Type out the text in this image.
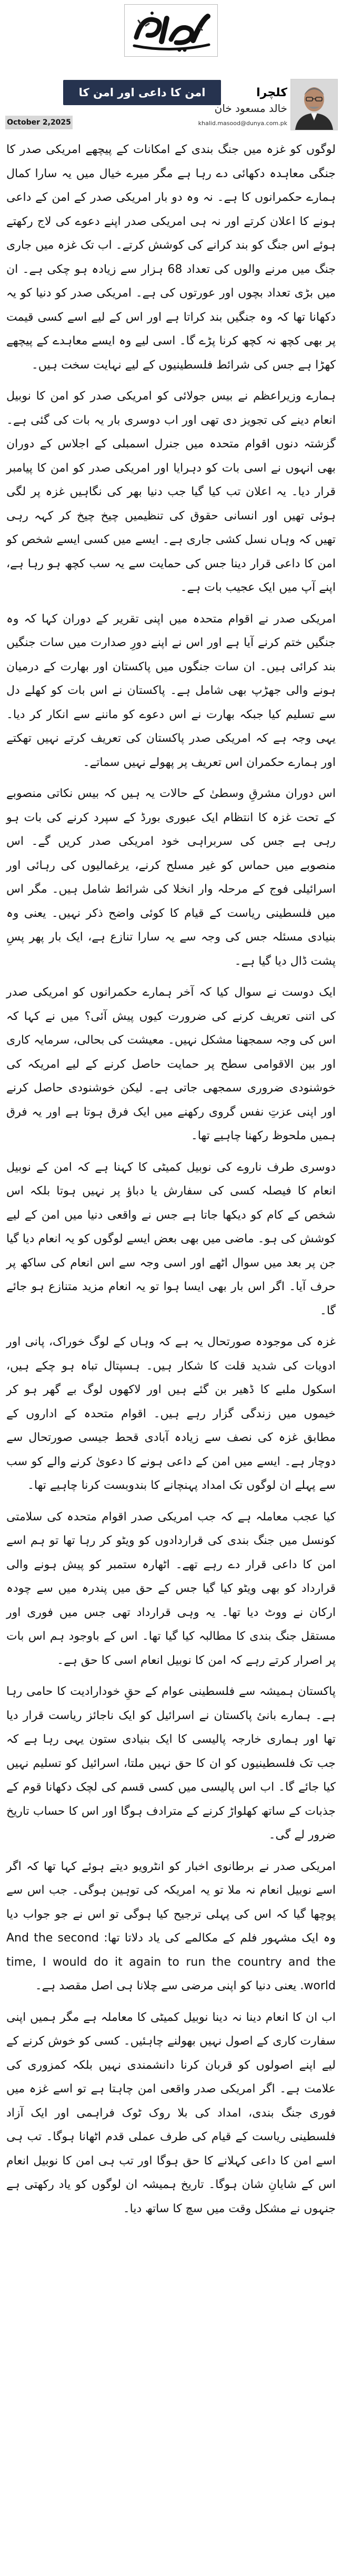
امن کا داعی اور امن کا نوبیل انعام
October 2,2025
کلچرا
خالد مسعود خان
khalid.masood@dunya.com.pk

لوگوں کو غزہ میں جنگ بندی کے امکانات کے پیچھے امریکی صدر کا جنگی معاہدہ دکھائی دے رہا ہے مگر میرے خیال میں یہ سارا کمال ہمارے حکمرانوں کا ہے۔ نہ وہ دو بار امریکی صدر کے امن کے داعی ہونے کا اعلان کرتے اور نہ ہی امریکی صدر اپنے دعوے کی لاج رکھتے ہوئے اس جنگ کو بند کرانے کی کوشش کرتے۔ اب تک غزہ میں جاری جنگ میں مرنے والوں کی تعداد 68 ہزار سے زیادہ ہو چکی ہے۔ ان میں بڑی تعداد بچوں اور عورتوں کی ہے۔ امریکی صدر کو دنیا کو یہ دکھانا تھا کہ وہ جنگیں بند کراتا ہے اور اس کے لیے اسے کسی قیمت پر بھی کچھ نہ کچھ کرنا پڑے گا۔ اسی لیے وہ ایسے معاہدے کے پیچھے کھڑا ہے جس کی شرائط فلسطینیوں کے لیے نہایت سخت ہیں۔

ہمارے وزیراعظم نے بیس جولائی کو امریکی صدر کو امن کا نوبیل انعام دینے کی تجویز دی تھی اور اب دوسری بار یہ بات کی گئی ہے۔ گزشتہ دنوں اقوام متحدہ میں جنرل اسمبلی کے اجلاس کے دوران بھی انہوں نے اسی بات کو دہرایا اور امریکی صدر کو امن کا پیامبر قرار دیا۔ یہ اعلان تب کیا گیا جب دنیا بھر کی نگاہیں غزہ پر لگی ہوئی تھیں اور انسانی حقوق کی تنظیمیں چیخ چیخ کر کہہ رہی تھیں کہ وہاں نسل کشی جاری ہے۔ ایسے میں کسی ایسے شخص کو امن کا داعی قرار دینا جس کی حمایت سے یہ سب کچھ ہو رہا ہے، اپنے آپ میں ایک عجیب بات ہے۔

امریکی صدر نے اقوام متحدہ میں اپنی تقریر کے دوران کہا کہ وہ جنگیں ختم کرنے آیا ہے اور اس نے اپنے دورِ صدارت میں سات جنگیں بند کرائی ہیں۔ ان سات جنگوں میں پاکستان اور بھارت کے درمیان ہونے والی جھڑپ بھی شامل ہے۔ پاکستان نے اس بات کو کھلے دل سے تسلیم کیا جبکہ بھارت نے اس دعوے کو ماننے سے انکار کر دیا۔ یہی وجہ ہے کہ امریکی صدر پاکستان کی تعریف کرتے نہیں تھکتے اور ہمارے حکمران اس تعریف پر پھولے نہیں سماتے۔

اس دوران مشرقِ وسطیٰ کے حالات یہ ہیں کہ بیس نکاتی منصوبے کے تحت غزہ کا انتظام ایک عبوری بورڈ کے سپرد کرنے کی بات ہو رہی ہے جس کی سربراہی خود امریکی صدر کریں گے۔ اس منصوبے میں حماس کو غیر مسلح کرنے، یرغمالیوں کی رہائی اور اسرائیلی فوج کے مرحلہ وار انخلا کی شرائط شامل ہیں۔ مگر اس میں فلسطینی ریاست کے قیام کا کوئی واضح ذکر نہیں۔ یعنی وہ بنیادی مسئلہ جس کی وجہ سے یہ سارا تنازع ہے، ایک بار پھر پسِ پشت ڈال دیا گیا ہے۔

ایک دوست نے سوال کیا کہ آخر ہمارے حکمرانوں کو امریکی صدر کی اتنی تعریف کرنے کی ضرورت کیوں پیش آئی؟ میں نے کہا کہ اس کی وجہ سمجھنا مشکل نہیں۔ معیشت کی بحالی، سرمایہ کاری اور بین الاقوامی سطح پر حمایت حاصل کرنے کے لیے امریکہ کی خوشنودی ضروری سمجھی جاتی ہے۔ لیکن خوشنودی حاصل کرنے اور اپنی عزتِ نفس گروی رکھنے میں ایک فرق ہوتا ہے اور یہ فرق ہمیں ملحوظ رکھنا چاہیے تھا۔

دوسری طرف ناروے کی نوبیل کمیٹی کا کہنا ہے کہ امن کے نوبیل انعام کا فیصلہ کسی کی سفارش یا دباؤ پر نہیں ہوتا بلکہ اس شخص کے کام کو دیکھا جاتا ہے جس نے واقعی دنیا میں امن کے لیے کوشش کی ہو۔ ماضی میں بھی بعض ایسے لوگوں کو یہ انعام دیا گیا جن پر بعد میں سوال اٹھے اور اسی وجہ سے اس انعام کی ساکھ پر حرف آیا۔ اگر اس بار بھی ایسا ہوا تو یہ انعام مزید متنازع ہو جائے گا۔

غزہ کی موجودہ صورتحال یہ ہے کہ وہاں کے لوگ خوراک، پانی اور ادویات کی شدید قلت کا شکار ہیں۔ ہسپتال تباہ ہو چکے ہیں، اسکول ملبے کا ڈھیر بن گئے ہیں اور لاکھوں لوگ بے گھر ہو کر خیموں میں زندگی گزار رہے ہیں۔ اقوام متحدہ کے اداروں کے مطابق غزہ کی نصف سے زیادہ آبادی قحط جیسی صورتحال سے دوچار ہے۔ ایسے میں امن کے داعی ہونے کا دعویٰ کرنے والے کو سب سے پہلے ان لوگوں تک امداد پہنچانے کا بندوبست کرنا چاہیے تھا۔

کیا عجب معاملہ ہے کہ جب امریکی صدر اقوام متحدہ کی سلامتی کونسل میں جنگ بندی کی قراردادوں کو ویٹو کر رہا تھا تو ہم اسے امن کا داعی قرار دے رہے تھے۔ اٹھارہ ستمبر کو پیش ہونے والی قرارداد کو بھی ویٹو کیا گیا جس کے حق میں پندرہ میں سے چودہ ارکان نے ووٹ دیا تھا۔ یہ وہی قرارداد تھی جس میں فوری اور مستقل جنگ بندی کا مطالبہ کیا گیا تھا۔ اس کے باوجود ہم اس بات پر اصرار کرتے رہے کہ امن کا نوبیل انعام اسی کا حق ہے۔

پاکستان ہمیشہ سے فلسطینی عوام کے حقِ خودارادیت کا حامی رہا ہے۔ ہمارے بانیٔ پاکستان نے اسرائیل کو ایک ناجائز ریاست قرار دیا تھا اور ہماری خارجہ پالیسی کا ایک بنیادی ستون یہی رہا ہے کہ جب تک فلسطینیوں کو ان کا حق نہیں ملتا، اسرائیل کو تسلیم نہیں کیا جائے گا۔ اب اس پالیسی میں کسی قسم کی لچک دکھانا قوم کے جذبات کے ساتھ کھلواڑ کرنے کے مترادف ہوگا اور اس کا حساب تاریخ ضرور لے گی۔

امریکی صدر نے برطانوی اخبار کو انٹرویو دیتے ہوئے کہا تھا کہ اگر اسے نوبیل انعام نہ ملا تو یہ امریکہ کی توہین ہوگی۔ جب اس سے پوچھا گیا کہ اس کی پہلی ترجیح کیا ہوگی تو اس نے جو جواب دیا وہ ایک مشہور فلم کے مکالمے کی یاد دلاتا تھا: And the second time, I would do it again to run the country and the world. یعنی دنیا کو اپنی مرضی سے چلانا ہی اصل مقصد ہے۔

اب ان کا انعام دینا نہ دینا نوبیل کمیٹی کا معاملہ ہے مگر ہمیں اپنی سفارت کاری کے اصول نہیں بھولنے چاہئیں۔ کسی کو خوش کرنے کے لیے اپنے اصولوں کو قربان کرنا دانشمندی نہیں بلکہ کمزوری کی علامت ہے۔ اگر امریکی صدر واقعی امن چاہتا ہے تو اسے غزہ میں فوری جنگ بندی، امداد کی بلا روک ٹوک فراہمی اور ایک آزاد فلسطینی ریاست کے قیام کی طرف عملی قدم اٹھانا ہوگا۔ تب ہی اسے امن کا داعی کہلانے کا حق ہوگا اور تب ہی امن کا نوبیل انعام اس کے شایانِ شان ہوگا۔ تاریخ ہمیشہ ان لوگوں کو یاد رکھتی ہے جنہوں نے مشکل وقت میں سچ کا ساتھ دیا۔
